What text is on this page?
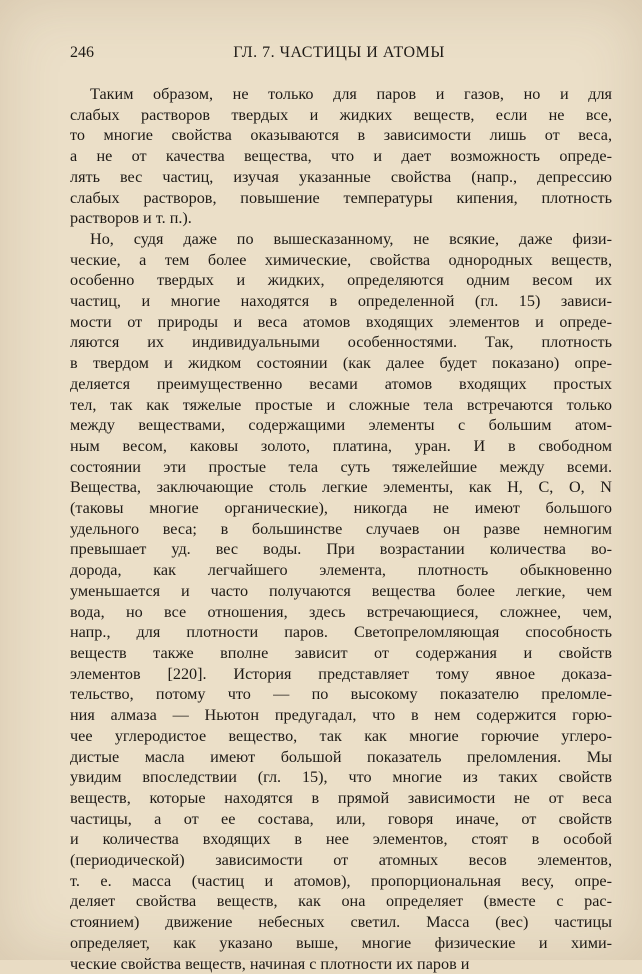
246	ГЛ. 7. ЧАСТИЦЫ И АТОМЫ
Таким образом, не только для паров и газов, но и для
слабых растворов твердых и жидких веществ, если не все,
то многие свойства оказываются в зависимости лишь от веса,
а не от качества вещества, что и дает возможность опреде-
лять вес частиц, изучая указанные свойства (напр., депрессию
слабых растворов, повышение температуры кипения, плотность
растворов и т. п.).
Но, судя даже по вышесказанному, не всякие, даже физи-
ческие, а тем более химические, свойства однородных веществ,
особенно твердых и жидких, определяются одним весом их
частиц, и многие находятся в определенной (гл. 15) зависи-
мости от природы и веса атомов входящих элементов и опреде-
ляются их индивидуальными особенностями. Так, плотность
в твердом и жидком состоянии (как далее будет показано) опре-
деляется преимущественно весами атомов входящих простых
тел, так как тяжелые простые и сложные тела встречаются только
между веществами, содержащими элементы с большим атом-
ным весом, каковы золото, платина, уран. И в свободном
состоянии эти простые тела суть тяжелейшие между всеми.
Вещества, заключающие столь легкие элементы, как H, C, O, N
(таковы многие органические), никогда не имеют большого
удельного веса; в большинстве случаев он разве немногим
превышает уд. вес воды. При возрастании количества во-
дорода, как легчайшего элемента, плотность обыкновенно
уменьшается и часто получаются вещества более легкие, чем
вода, но все отношения, здесь встречающиеся, сложнее, чем,
напр., для плотности паров. Светопреломляющая способность
веществ также вполне зависит от содержания и свойств
элементов [220]. История представляет тому явное доказа-
тельство, потому что — по высокому показателю преломле-
ния алмаза — Ньютон предугадал, что в нем содержится горю-
чее углеродистое вещество, так как многие горючие углеро-
дистые масла имеют большой показатель преломления. Мы
увидим впоследствии (гл. 15), что многие из таких свойств
веществ, которые находятся в прямой зависимости не от веса
частицы, а от ее состава, или, говоря иначе, от свойств
и количества входящих в нее элементов, стоят в особой
(периодической) зависимости от атомных весов элементов,
т. е. масса (частиц и атомов), пропорциональная весу, опре-
деляет свойства веществ, как она определяет (вместе с рас-
стоянием) движение небесных светил. Масса (вес) частицы
определяет, как указано выше, многие физические и хими-
ческие свойства веществ, начиная с плотности их паров и
